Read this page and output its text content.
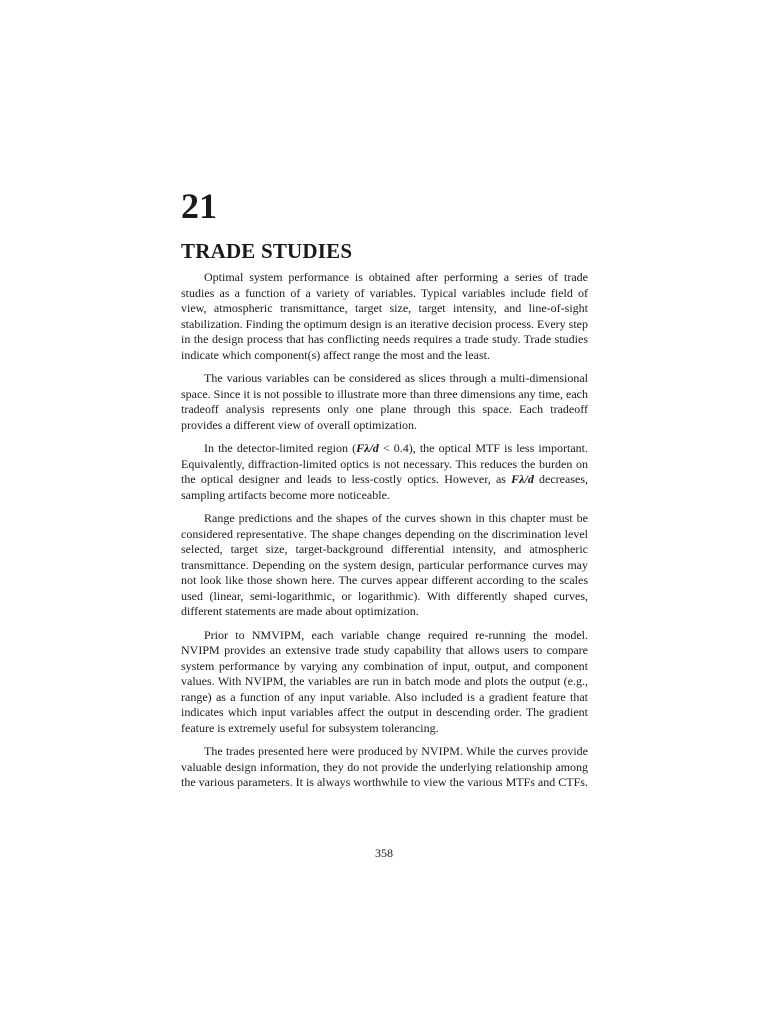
21
TRADE STUDIES

Optimal system performance is obtained after performing a series of trade studies as a function of a variety of variables. Typical variables include field of view, atmospheric transmittance, target size, target intensity, and line-of-sight stabilization. Finding the optimum design is an iterative decision process. Every step in the design process that has conflicting needs requires a trade study. Trade studies indicate which component(s) affect range the most and the least.

The various variables can be considered as slices through a multi-dimensional space. Since it is not possible to illustrate more than three dimensions any time, each tradeoff analysis represents only one plane through this space. Each tradeoff provides a different view of overall optimization.

In the detector-limited region (Fλ/d < 0.4), the optical MTF is less important. Equivalently, diffraction-limited optics is not necessary. This reduces the burden on the optical designer and leads to less-costly optics. However, as Fλ/d decreases, sampling artifacts become more noticeable.

Range predictions and the shapes of the curves shown in this chapter must be considered representative. The shape changes depending on the discrimination level selected, target size, target-background differential intensity, and atmospheric transmittance. Depending on the system design, particular performance curves may not look like those shown here. The curves appear different according to the scales used (linear, semi-logarithmic, or logarithmic). With differently shaped curves, different statements are made about optimization.

Prior to NMVIPM, each variable change required re-running the model. NVIPM provides an extensive trade study capability that allows users to compare system performance by varying any combination of input, output, and component values. With NVIPM, the variables are run in batch mode and plots the output (e.g., range) as a function of any input variable. Also included is a gradient feature that indicates which input variables affect the output in descending order. The gradient feature is extremely useful for subsystem tolerancing.

The trades presented here were produced by NVIPM. While the curves provide valuable design information, they do not provide the underlying relationship among the various parameters. It is always worthwhile to view the various MTFs and CTFs.

358
